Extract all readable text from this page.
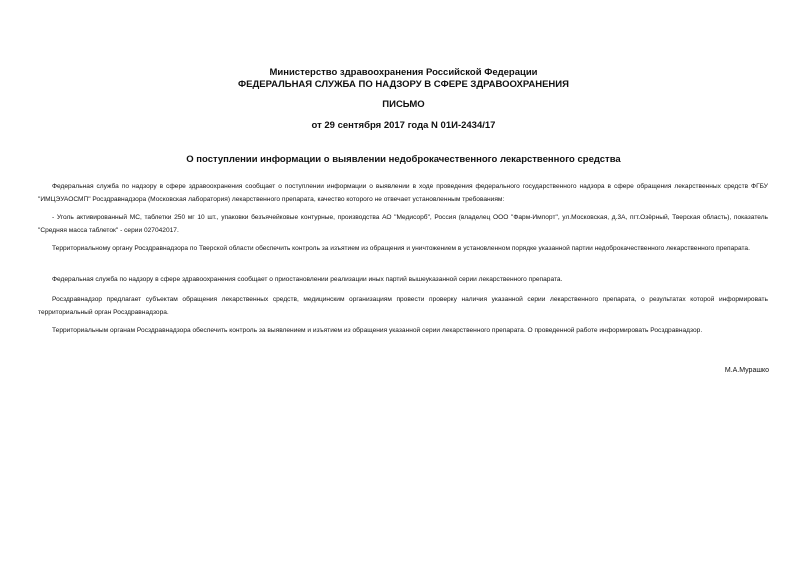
Министерство здравоохранения Российской Федерации
ФЕДЕРАЛЬНАЯ СЛУЖБА ПО НАДЗОРУ В СФЕРЕ ЗДРАВООХРАНЕНИЯ
ПИСЬМО
от 29 сентября 2017 года N 01И-2434/17
О поступлении информации о выявлении недоброкачественного лекарственного средства

Федеральная служба по надзору в сфере здравоохранения сообщает о поступлении информации о выявлении в ходе проведения федерального государственного надзора в сфере обращения лекарственных средств ФГБУ "ИМЦЭУАОСМП" Росздравнадзора (Московская лаборатория) лекарственного препарата, качество которого не отвечает установленным требованиям:

- Уголь активированный МС, таблетки 250 мг 10 шт., упаковки безъячейковые контурные, производства АО "Медисорб", Россия (владелец ООО "Фарм-Импорт", ул.Московская, д.3А, пгт.Озёрный, Тверская область), показатель "Средняя масса таблеток" - серии 027042017.

Территориальному органу Росздравнадзора по Тверской области обеспечить контроль за изъятием из обращения и уничтожением в установленном порядке указанной партии недоброкачественного лекарственного препарата.

Федеральная служба по надзору в сфере здравоохранения сообщает о приостановлении реализации иных партий вышеуказанной серии лекарственного препарата.

Росздравнадзор предлагает субъектам обращения лекарственных средств, медицинским организациям провести проверку наличия указанной серии лекарственного препарата, о результатах которой информировать территориальный орган Росздравнадзора.

Территориальным органам Росздравнадзора обеспечить контроль за выявлением и изъятием из обращения указанной серии лекарственного препарата. О проведенной работе информировать Росздравнадзор.

М.А.Мурашко
